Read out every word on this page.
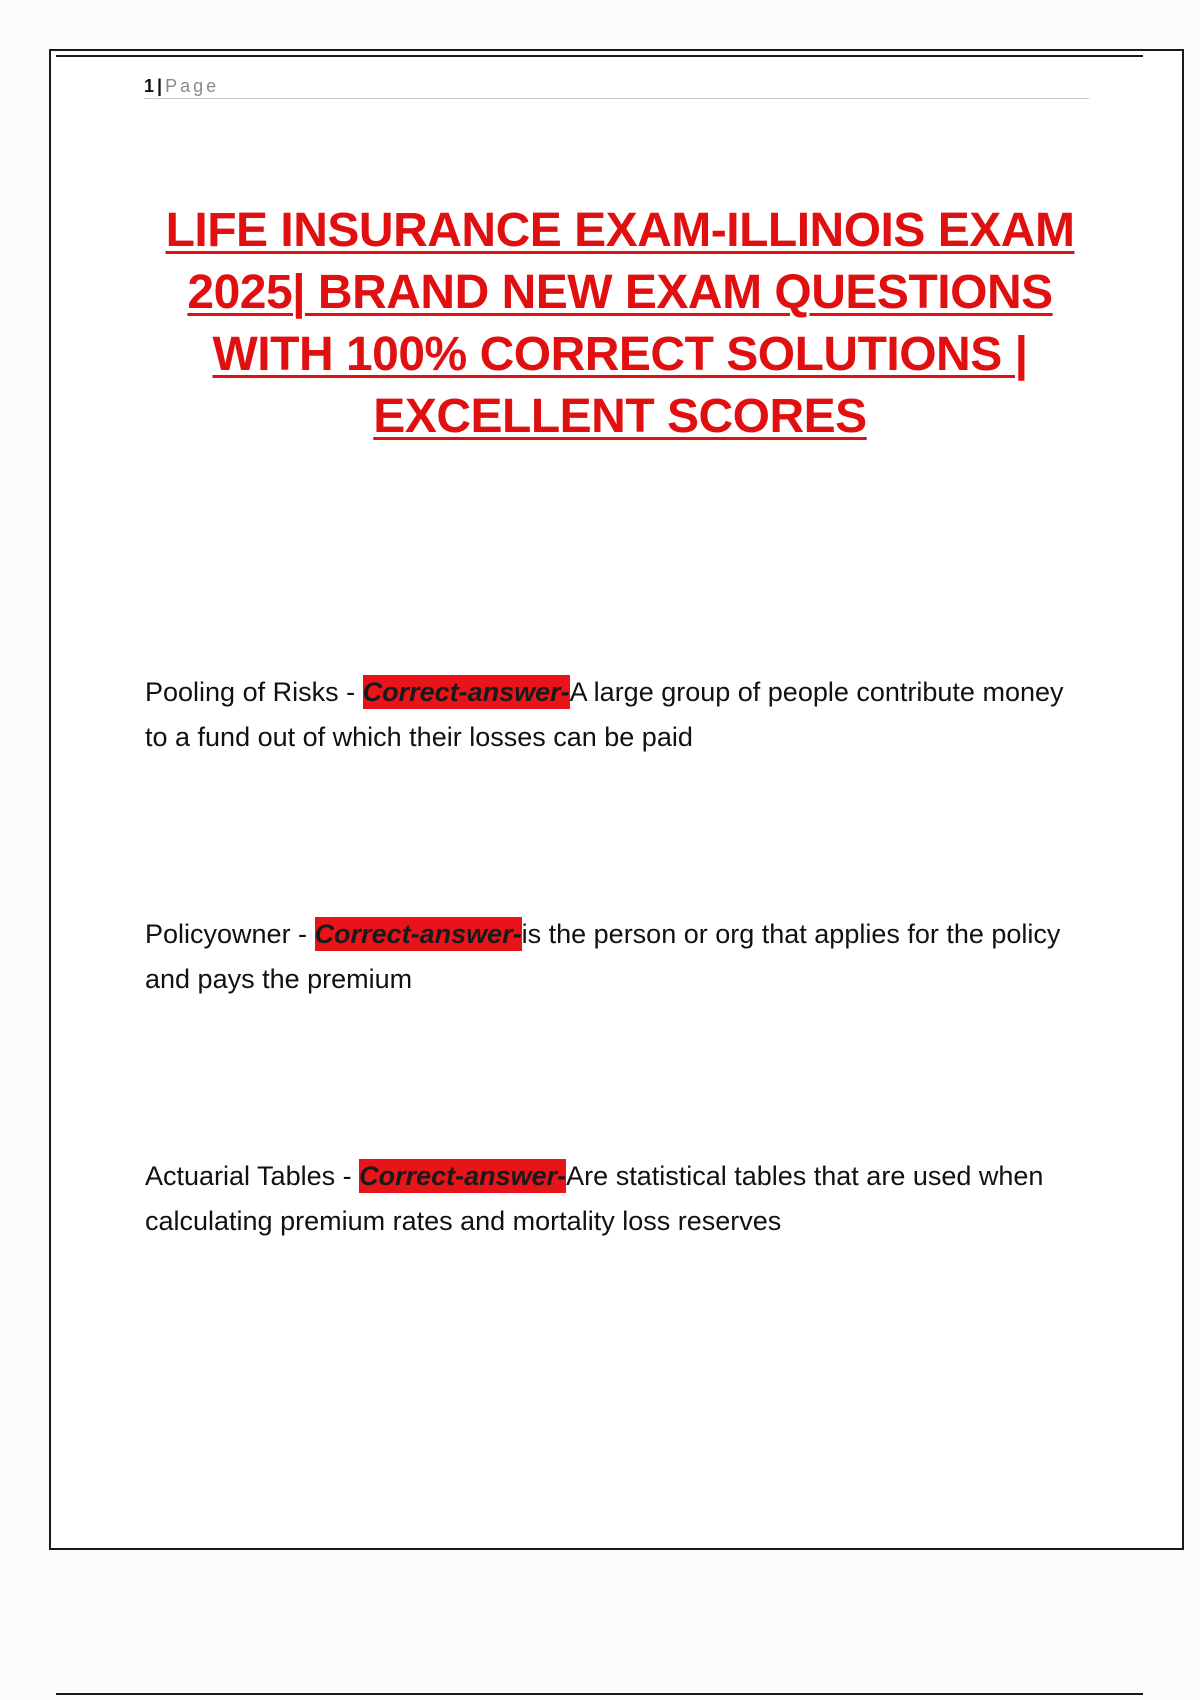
1 | Page
LIFE INSURANCE EXAM-ILLINOIS EXAM
2025| BRAND NEW EXAM QUESTIONS
WITH 100% CORRECT SOLUTIONS |
EXCELLENT SCORES
Pooling of Risks - Correct-answer-A large group of people contribute money to a fund out of which their losses can be paid
Policyowner - Correct-answer-is the person or org that applies for the policy and pays the premium
Actuarial Tables - Correct-answer-Are statistical tables that are used when calculating premium rates and mortality loss reserves
